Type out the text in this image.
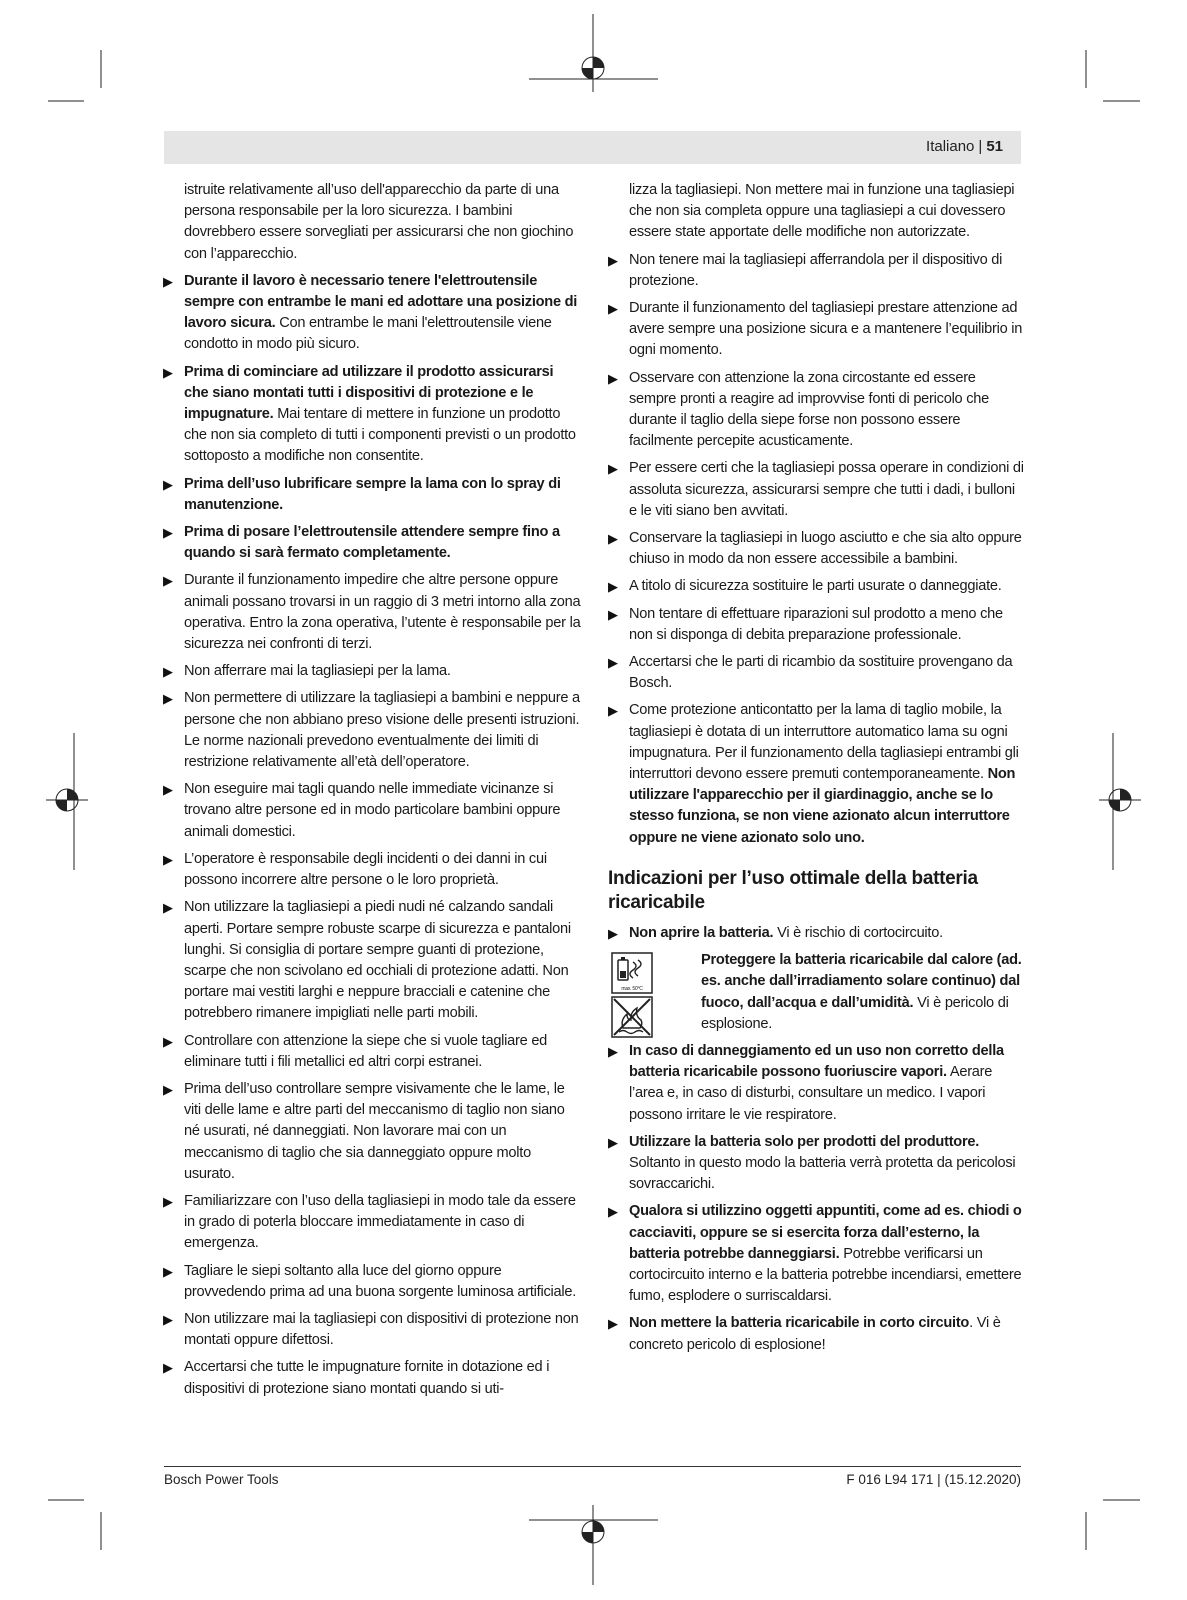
Italiano | 51
istruite relativamente all’uso dell'apparecchio da parte di una persona responsabile per la loro sicurezza. I bambini dovrebbero essere sorvegliati per assicurarsi che non giochino con l’apparecchio.
▶ Durante il lavoro è necessario tenere l'elettroutensile sempre con entrambe le mani ed adottare una posizione di lavoro sicura. Con entrambe le mani l'elettroutensile viene condotto in modo più sicuro.
▶ Prima di cominciare ad utilizzare il prodotto assicurarsi che siano montati tutti i dispositivi di protezione e le impugnature. Mai tentare di mettere in funzione un prodotto che non sia completo di tutti i componenti previsti o un prodotto sottoposto a modifiche non consentite.
▶ Prima dell’uso lubrificare sempre la lama con lo spray di manutenzione.
▶ Prima di posare l’elettroutensile attendere sempre fino a quando si sarà fermato completamente.
▶ Durante il funzionamento impedire che altre persone oppure animali possano trovarsi in un raggio di 3 metri intorno alla zona operativa. Entro la zona operativa, l’utente è responsabile per la sicurezza nei confronti di terzi.
▶ Non afferrare mai la tagliasiepi per la lama.
▶ Non permettere di utilizzare la tagliasiepi a bambini e neppure a persone che non abbiano preso visione delle presenti istruzioni. Le norme nazionali prevedono eventualmente dei limiti di restrizione relativamente all’età dell’operatore.
▶ Non eseguire mai tagli quando nelle immediate vicinanze si trovano altre persone ed in modo particolare bambini oppure animali domestici.
▶ L’operatore è responsabile degli incidenti o dei danni in cui possono incorrere altre persone o le loro proprietà.
▶ Non utilizzare la tagliasiepi a piedi nudi né calzando sandali aperti. Portare sempre robuste scarpe di sicurezza e pantaloni lunghi. Si consiglia di portare sempre guanti di protezione, scarpe che non scivolano ed occhiali di protezione adatti. Non portare mai vestiti larghi e neppure bracciali e catenine che potrebbero rimanere impigliati nelle parti mobili.
▶ Controllare con attenzione la siepe che si vuole tagliare ed eliminare tutti i fili metallici ed altri corpi estranei.
▶ Prima dell’uso controllare sempre visivamente che le lame, le viti delle lame e altre parti del meccanismo di taglio non siano né usurati, né danneggiati. Non lavorare mai con un meccanismo di taglio che sia danneggiato oppure molto usurato.
▶ Familiarizzare con l’uso della tagliasiepi in modo tale da essere in grado di poterla bloccare immediatamente in caso di emergenza.
▶ Tagliare le siepi soltanto alla luce del giorno oppure provvedendo prima ad una buona sorgente luminosa artificiale.
▶ Non utilizzare mai la tagliasiepi con dispositivi di protezione non montati oppure difettosi.
▶ Accertarsi che tutte le impugnature fornite in dotazione ed i dispositivi di protezione siano montati quando si uti-
lizza la tagliasiepi. Non mettere mai in funzione una tagliasiepi che non sia completa oppure una tagliasiepi a cui dovessero essere state apportate delle modifiche non autorizzate.
▶ Non tenere mai la tagliasiepi afferrandola per il dispositivo di protezione.
▶ Durante il funzionamento del tagliasiepi prestare attenzione ad avere sempre una posizione sicura e a mantenere l’equilibrio in ogni momento.
▶ Osservare con attenzione la zona circostante ed essere sempre pronti a reagire ad improvvise fonti di pericolo che durante il taglio della siepe forse non possono essere facilmente percepite acusticamente.
▶ Per essere certi che la tagliasiepi possa operare in condizioni di assoluta sicurezza, assicurarsi sempre che tutti i dadi, i bulloni e le viti siano ben avvitati.
▶ Conservare la tagliasiepi in luogo asciutto e che sia alto oppure chiuso in modo da non essere accessibile a bambini.
▶ A titolo di sicurezza sostituire le parti usurate o danneggiate.
▶ Non tentare di effettuare riparazioni sul prodotto a meno che non si disponga di debita preparazione professionale.
▶ Accertarsi che le parti di ricambio da sostituire provengano da Bosch.
▶ Come protezione anticontatto per la lama di taglio mobile, la tagliasiepi è dotata di un interruttore automatico lama su ogni impugnatura. Per il funzionamento della tagliasiepi entrambi gli interruttori devono essere premuti contemporaneamente. Non utilizzare l'apparecchio per il giardinaggio, anche se lo stesso funziona, se non viene azionato alcun interruttore oppure ne viene azionato solo uno.
Indicazioni per l’uso ottimale della batteria ricaricabile
▶ Non aprire la batteria. Vi è rischio di cortocircuito.
max. 50°C
Proteggere la batteria ricaricabile dal calore (ad. es. anche dall’irradiamento solare continuo) dal fuoco, dall’acqua e dall’umidità. Vi è pericolo di esplosione.
▶ In caso di danneggiamento ed un uso non corretto della batteria ricaricabile possono fuoriuscire vapori. Aerare l’area e, in caso di disturbi, consultare un medico. I vapori possono irritare le vie respiratore.
▶ Utilizzare la batteria solo per prodotti del produttore. Soltanto in questo modo la batteria verrà protetta da pericolosi sovraccarichi.
▶ Qualora si utilizzino oggetti appuntiti, come ad es. chiodi o cacciaviti, oppure se si esercita forza dall’esterno, la batteria potrebbe danneggiarsi. Potrebbe verificarsi un cortocircuito interno e la batteria potrebbe incendiarsi, emettere fumo, esplodere o surriscaldarsi.
▶ Non mettere la batteria ricaricabile in corto circuito. Vi è concreto pericolo di esplosione!
Bosch Power Tools	F 016 L94 171 | (15.12.2020)
